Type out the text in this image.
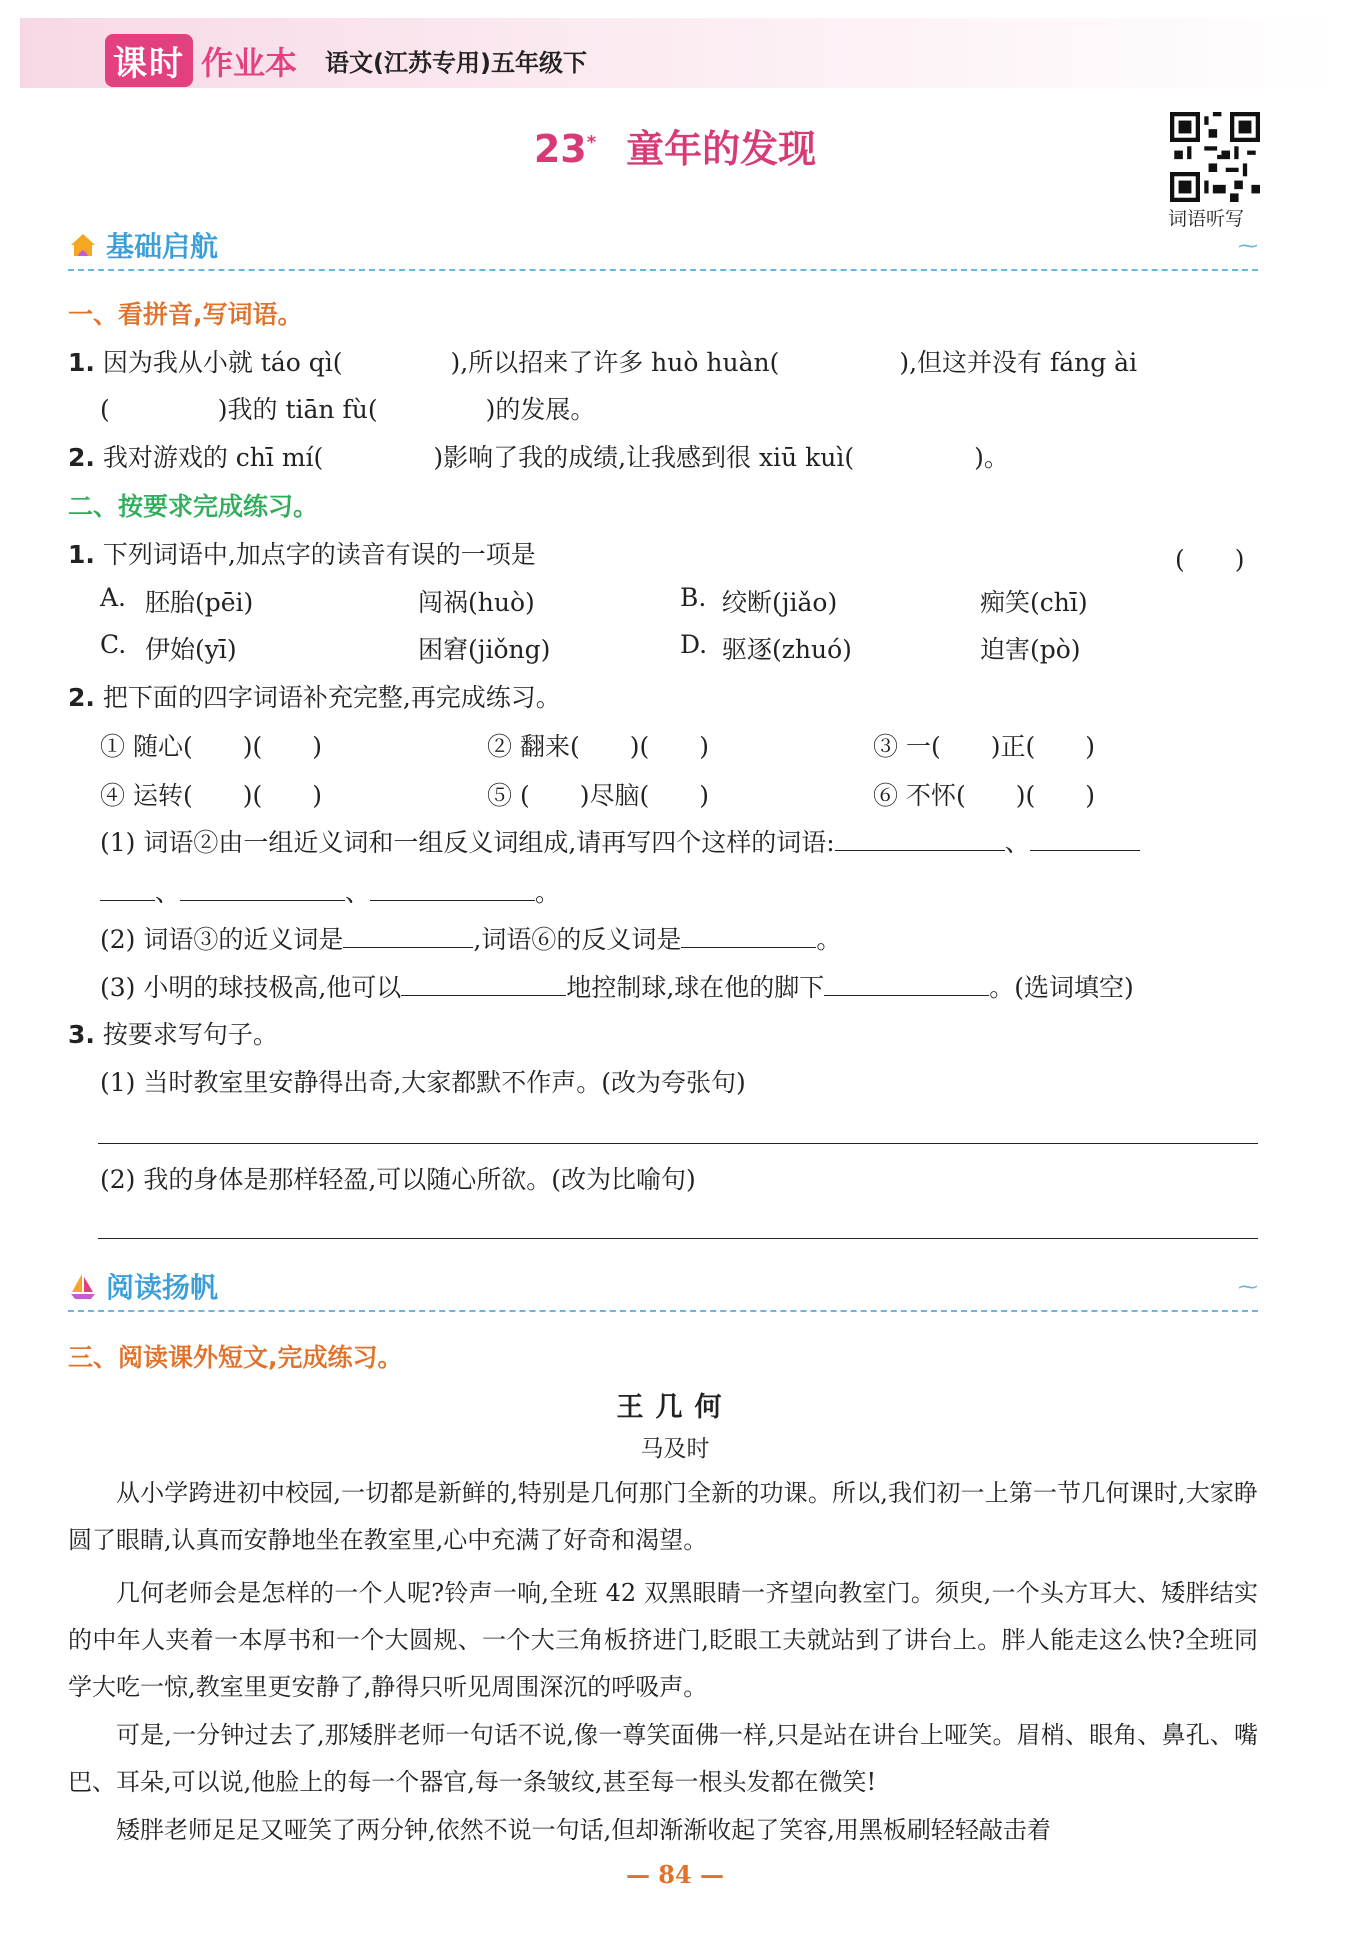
课时 作业本 语文(江苏专用)五年级下
23* 童年的发现
词语听写
基础启航	⁓
一、看拼音,写词语。
1. 因为我从小就 táo qì(	),所以招来了许多 huò huàn(	),但这并没有 fáng ài
(	)我的 tiān fù(	)的发展。
2. 我对游戏的 chī mí(	)影响了我的成绩,让我感到很 xiū kuì(	)。
二、按要求完成练习。
1. 下列词语中,加点字的读音有误的一项是	(　　)
A. 胚胎(pēi)	闯祸(huò)	B. 绞断(jiǎo)	痴笑(chī)
C. 伊始(yī)	困窘(jiǒng)	D. 驱逐(zhuó)	迫害(pò)
2. 把下面的四字词语补充完整,再完成练习。
① 随心(　　)(　　)	② 翻来(　　)(　　)	③ 一(　　)正(　　)
④ 运转(　　)(　　)	⑤ (　　)尽脑(　　)	⑥ 不怀(　　)(　　)
(1) 词语②由一组近义词和一组反义词组成,请再写四个这样的词语:	、
、	、	。
(2) 词语③的近义词是	,词语⑥的反义词是	。
(3) 小明的球技极高,他可以	地控制球,球在他的脚下	。(选词填空)
3. 按要求写句子。
(1) 当时教室里安静得出奇,大家都默不作声。(改为夸张句)
(2) 我的身体是那样轻盈,可以随心所欲。(改为比喻句)
阅读扬帆	⁓
三、阅读课外短文,完成练习。
王几何
马及时
从小学跨进初中校园,一切都是新鲜的,特别是几何那门全新的功课。所以,我们初一上第一节几何课时,大家睁圆了眼睛,认真而安静地坐在教室里,心中充满了好奇和渴望。
几何老师会是怎样的一个人呢?铃声一响,全班 42 双黑眼睛一齐望向教室门。须臾,一个头方耳大、矮胖结实的中年人夹着一本厚书和一个大圆规、一个大三角板挤进门,眨眼工夫就站到了讲台上。胖人能走这么快?全班同学大吃一惊,教室里更安静了,静得只听见周围深沉的呼吸声。
可是,一分钟过去了,那矮胖老师一句话不说,像一尊笑面佛一样,只是站在讲台上哑笑。眉梢、眼角、鼻孔、嘴巴、耳朵,可以说,他脸上的每一个器官,每一条皱纹,甚至每一根头发都在微笑!
矮胖老师足足又哑笑了两分钟,依然不说一句话,但却渐渐收起了笑容,用黑板刷轻轻敲击着
— 84 —
